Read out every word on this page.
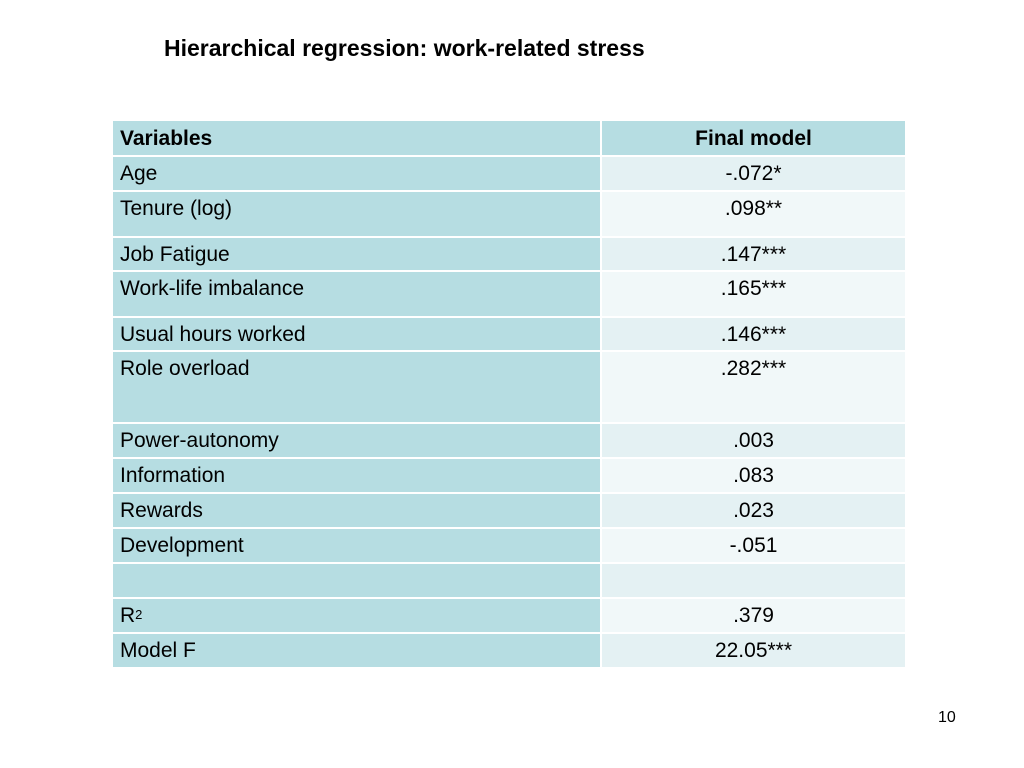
Hierarchical regression: work-related stress
Variables	Final model
Age	-.072*
Tenure (log)	.098**
Job Fatigue	.147***
Work-life imbalance	.165***
Usual hours worked	.146***
Role overload	.282***
Power-autonomy	.003
Information	.083
Rewards	.023
Development	-.051

$R^2$	.379
Model F	22.05***
10
